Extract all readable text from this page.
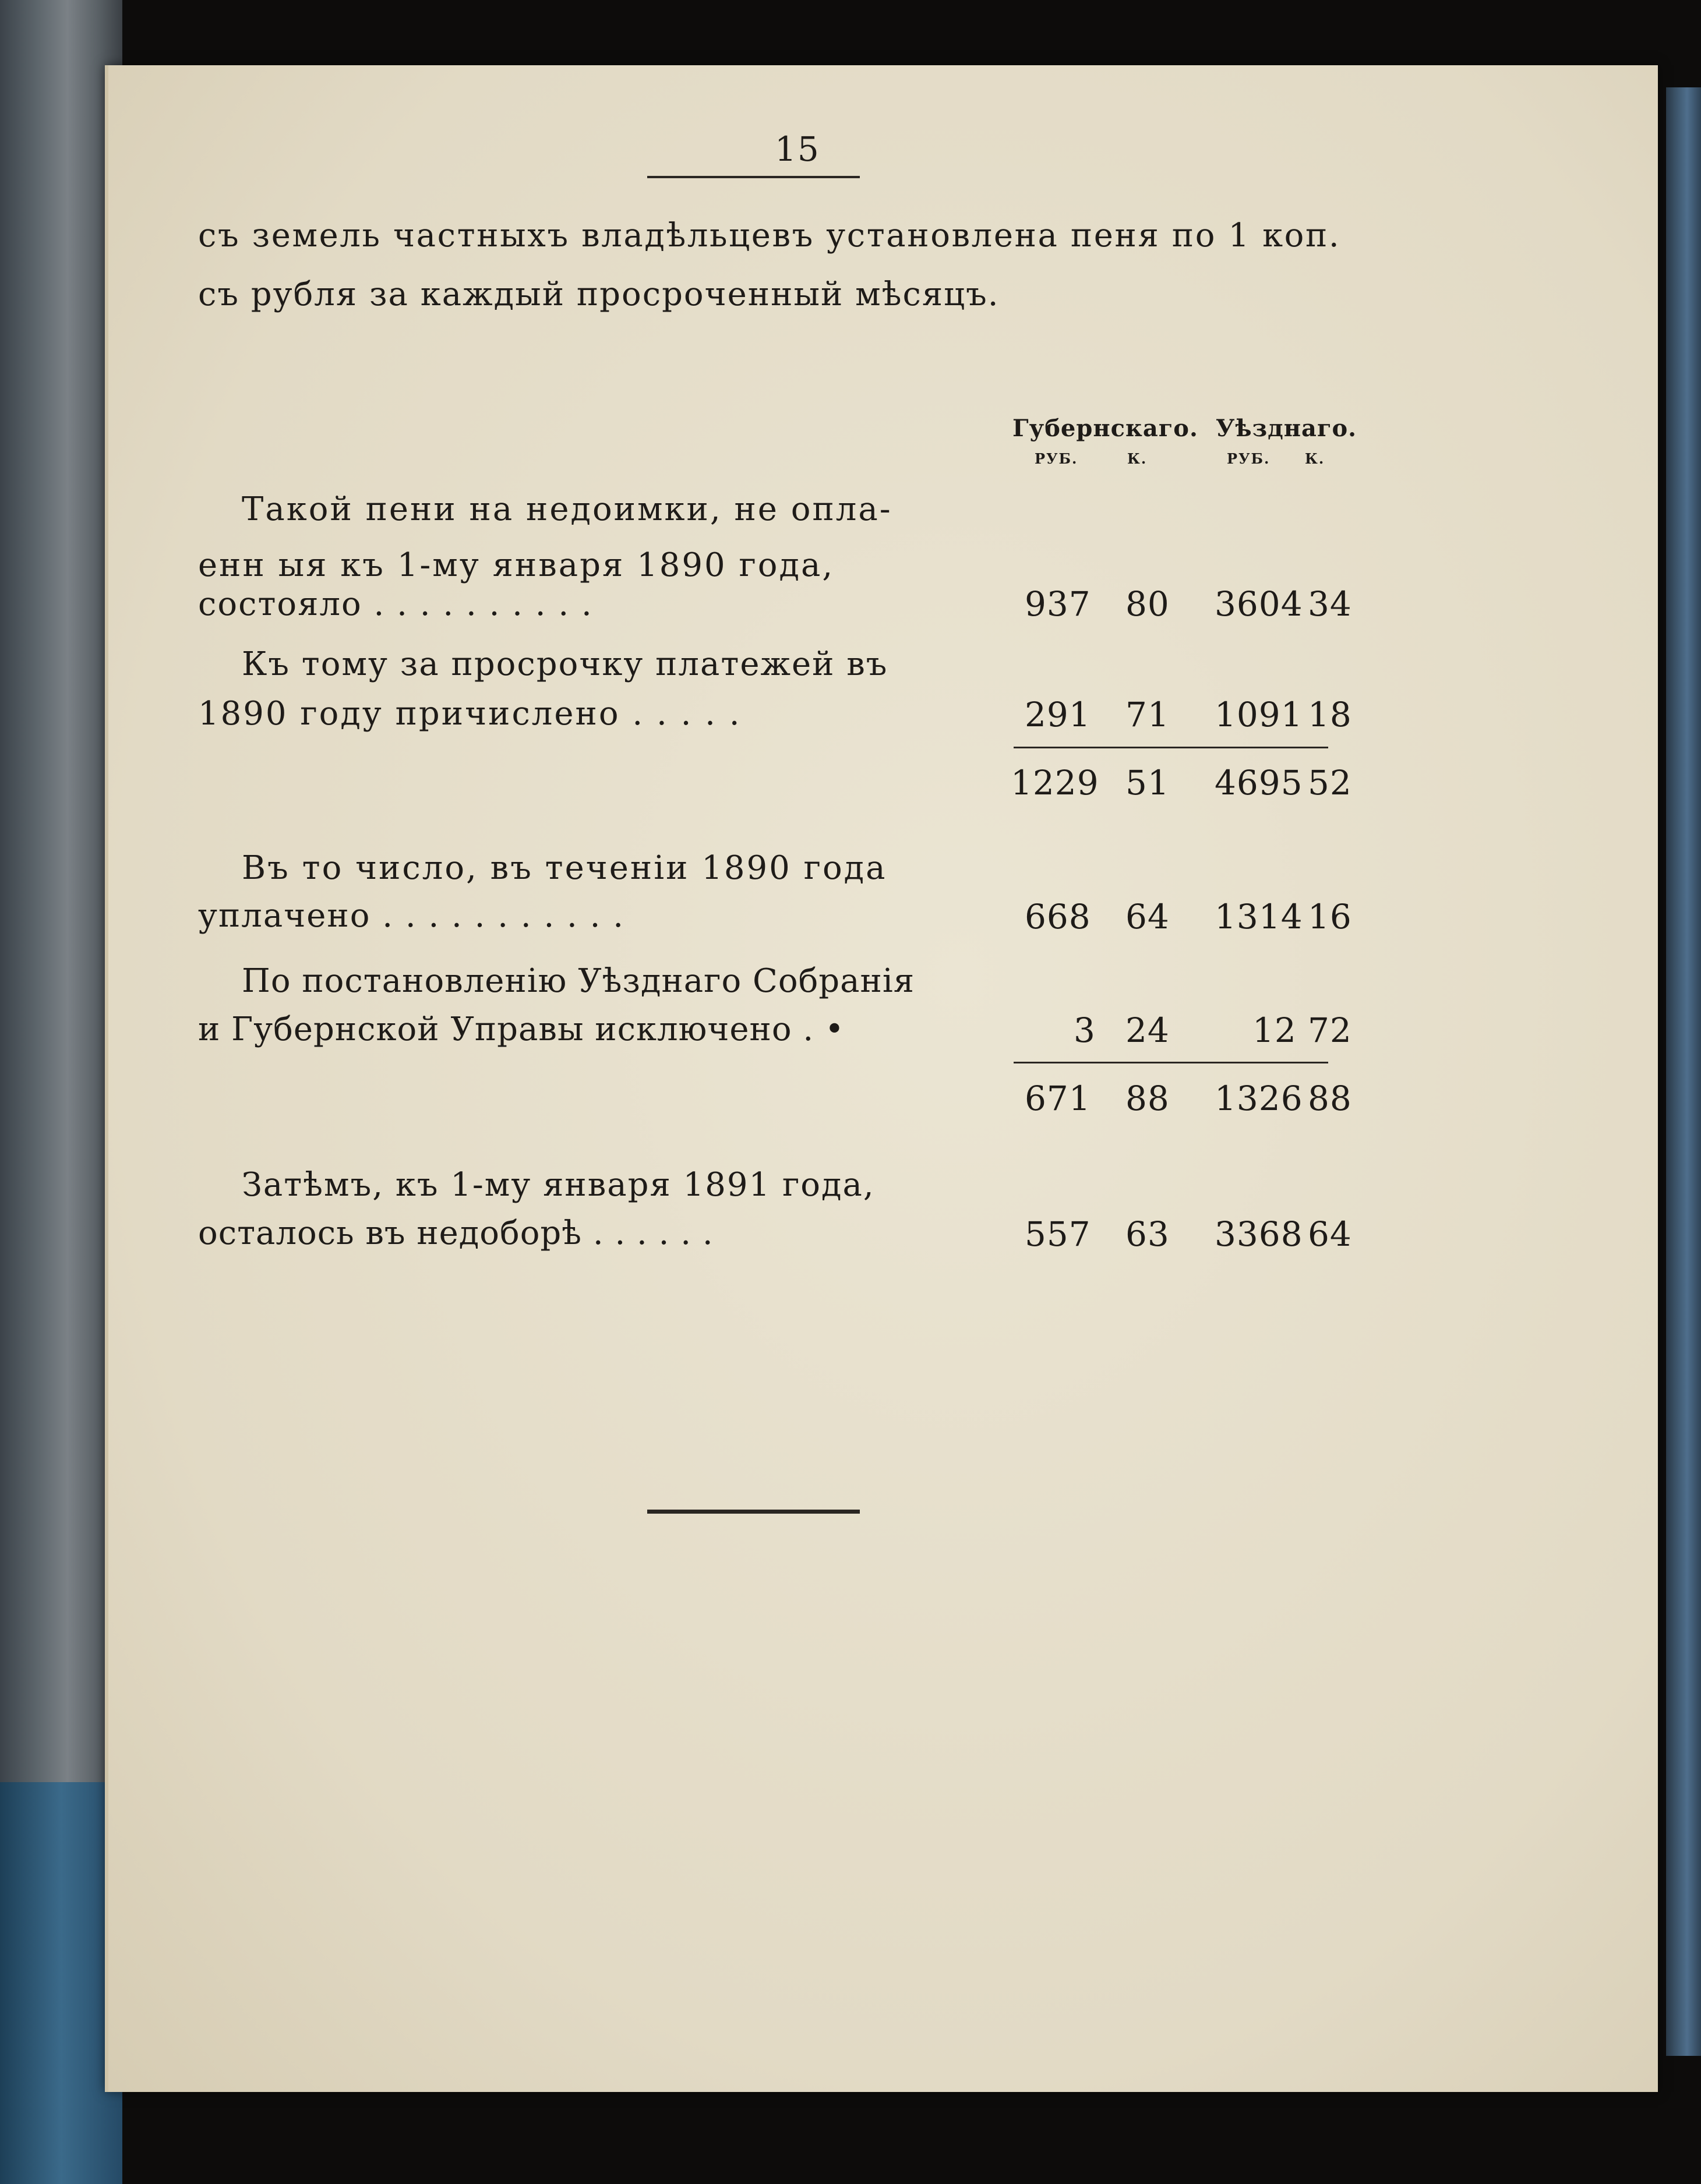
15
съ земель частныхъ владѣльцевъ установлена пеня по 1 коп.
съ рубля за каждый просроченный мѣсяцъ.
Губернскаго. Уѣзднаго.
РУБ.	К.	РУБ. К.
Такой пени на недоимки, не опла-
енн ыя къ 1-му января 1890 года,
состояло . . . . . . . . . .	937 80 3604 34
Къ тому за просрочку платежей въ
1890 году причислено . . . . .	291 71 1091 18
1229 51 4695 52
Въ то число, въ теченіи 1890 года
уплачено . . . . . . . . . . .	668 64 1314 16
По постановленію Уѣзднаго Собранія
и Губернской Управы исключено . •	3 24 12 72
671 88 1326 88
Затѣмъ, къ 1-му января 1891 года,
осталось въ недоборѣ . . . . . .	557 63 3368 64
